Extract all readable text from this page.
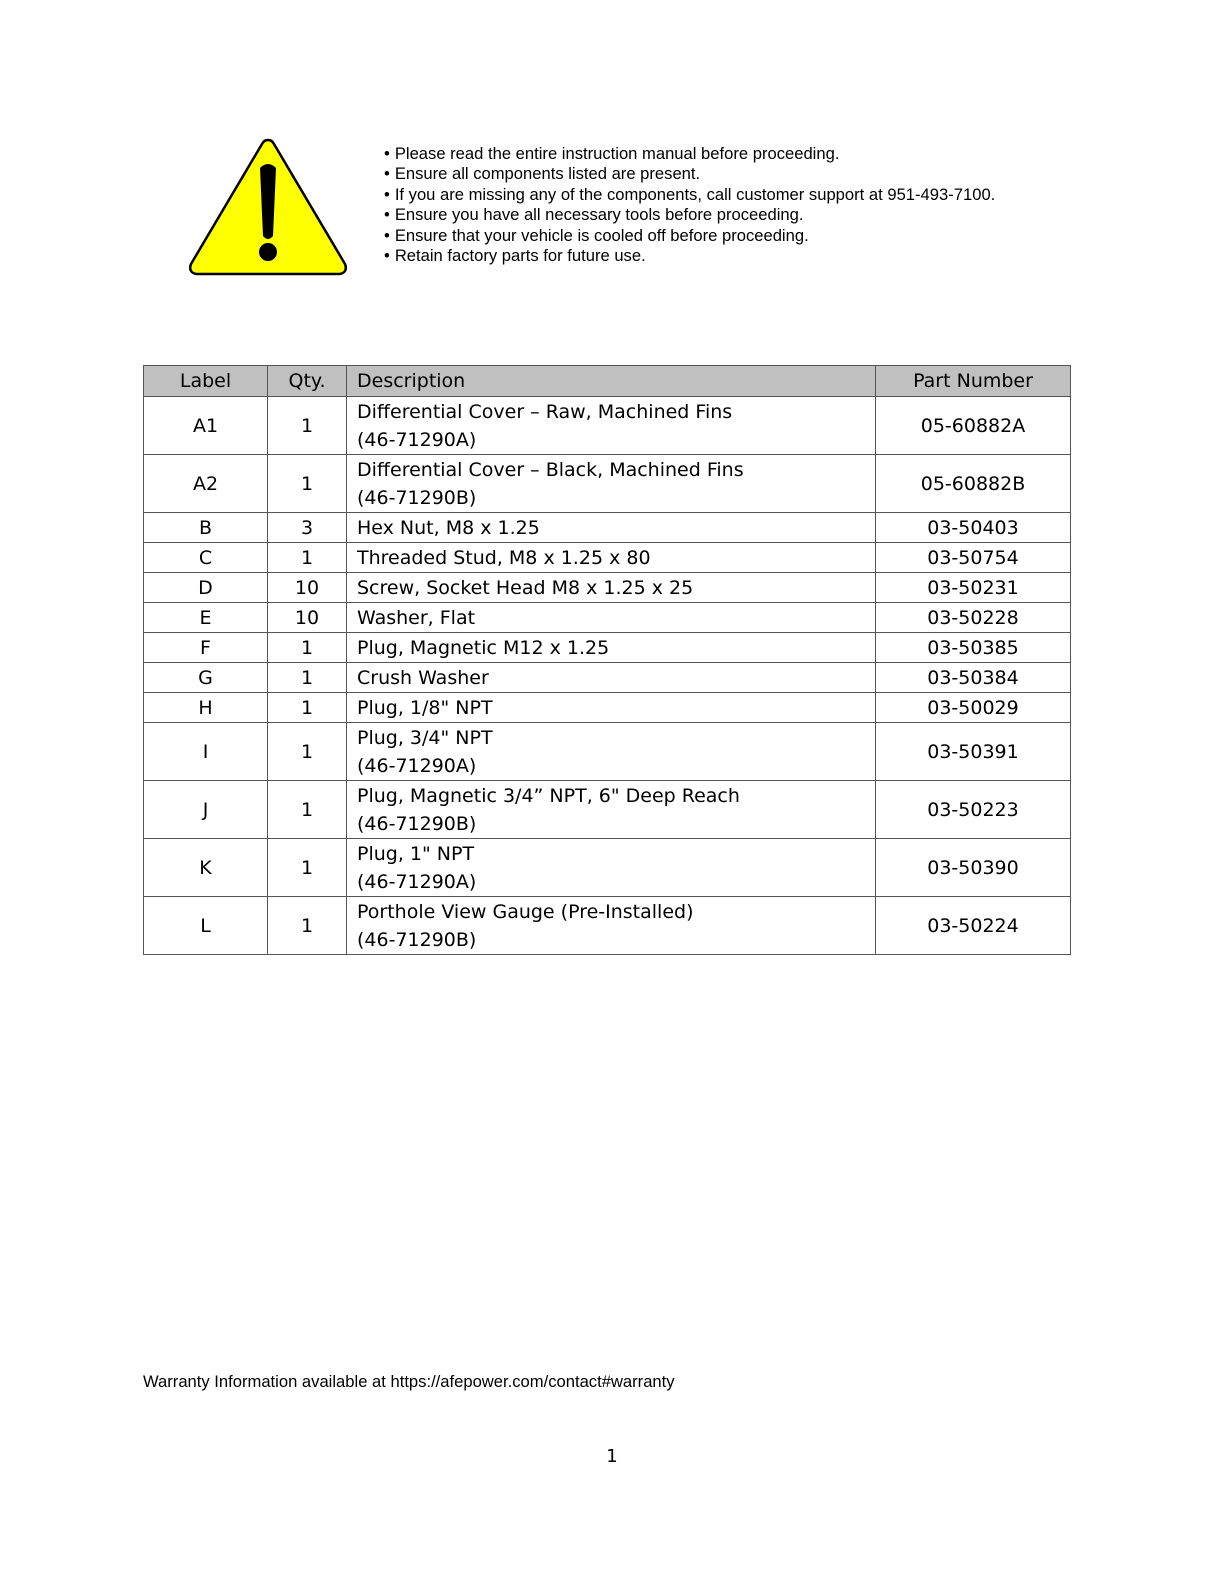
• Please read the entire instruction manual before proceeding.
• Ensure all components listed are present.
• If you are missing any of the components, call customer support at 951-493-7100.
• Ensure you have all necessary tools before proceeding.
• Ensure that your vehicle is cooled off before proceeding.
• Retain factory parts for future use.
Label	Qty.	Description	Part Number
A1	1	Differential Cover – Raw, Machined Fins
(46-71290A)	05-60882A
A2	1	Differential Cover – Black, Machined Fins
(46-71290B)	05-60882B
B	3	Hex Nut, M8 x 1.25	03-50403
C	1	Threaded Stud, M8 x 1.25 x 80	03-50754
D	10	Screw, Socket Head M8 x 1.25 x 25	03-50231
E	10	Washer, Flat	03-50228
F	1	Plug, Magnetic M12 x 1.25	03-50385
G	1	Crush Washer	03-50384
H	1	Plug, 1/8" NPT	03-50029
I	1	Plug, 3/4" NPT
(46-71290A)	03-50391
J	1	Plug, Magnetic 3/4” NPT, 6" Deep Reach
(46-71290B)	03-50223
K	1	Plug, 1" NPT
(46-71290A)	03-50390
L	1	Porthole View Gauge (Pre-Installed)
(46-71290B)	03-50224
Warranty Information available at https://afepower.com/contact#warranty
1
